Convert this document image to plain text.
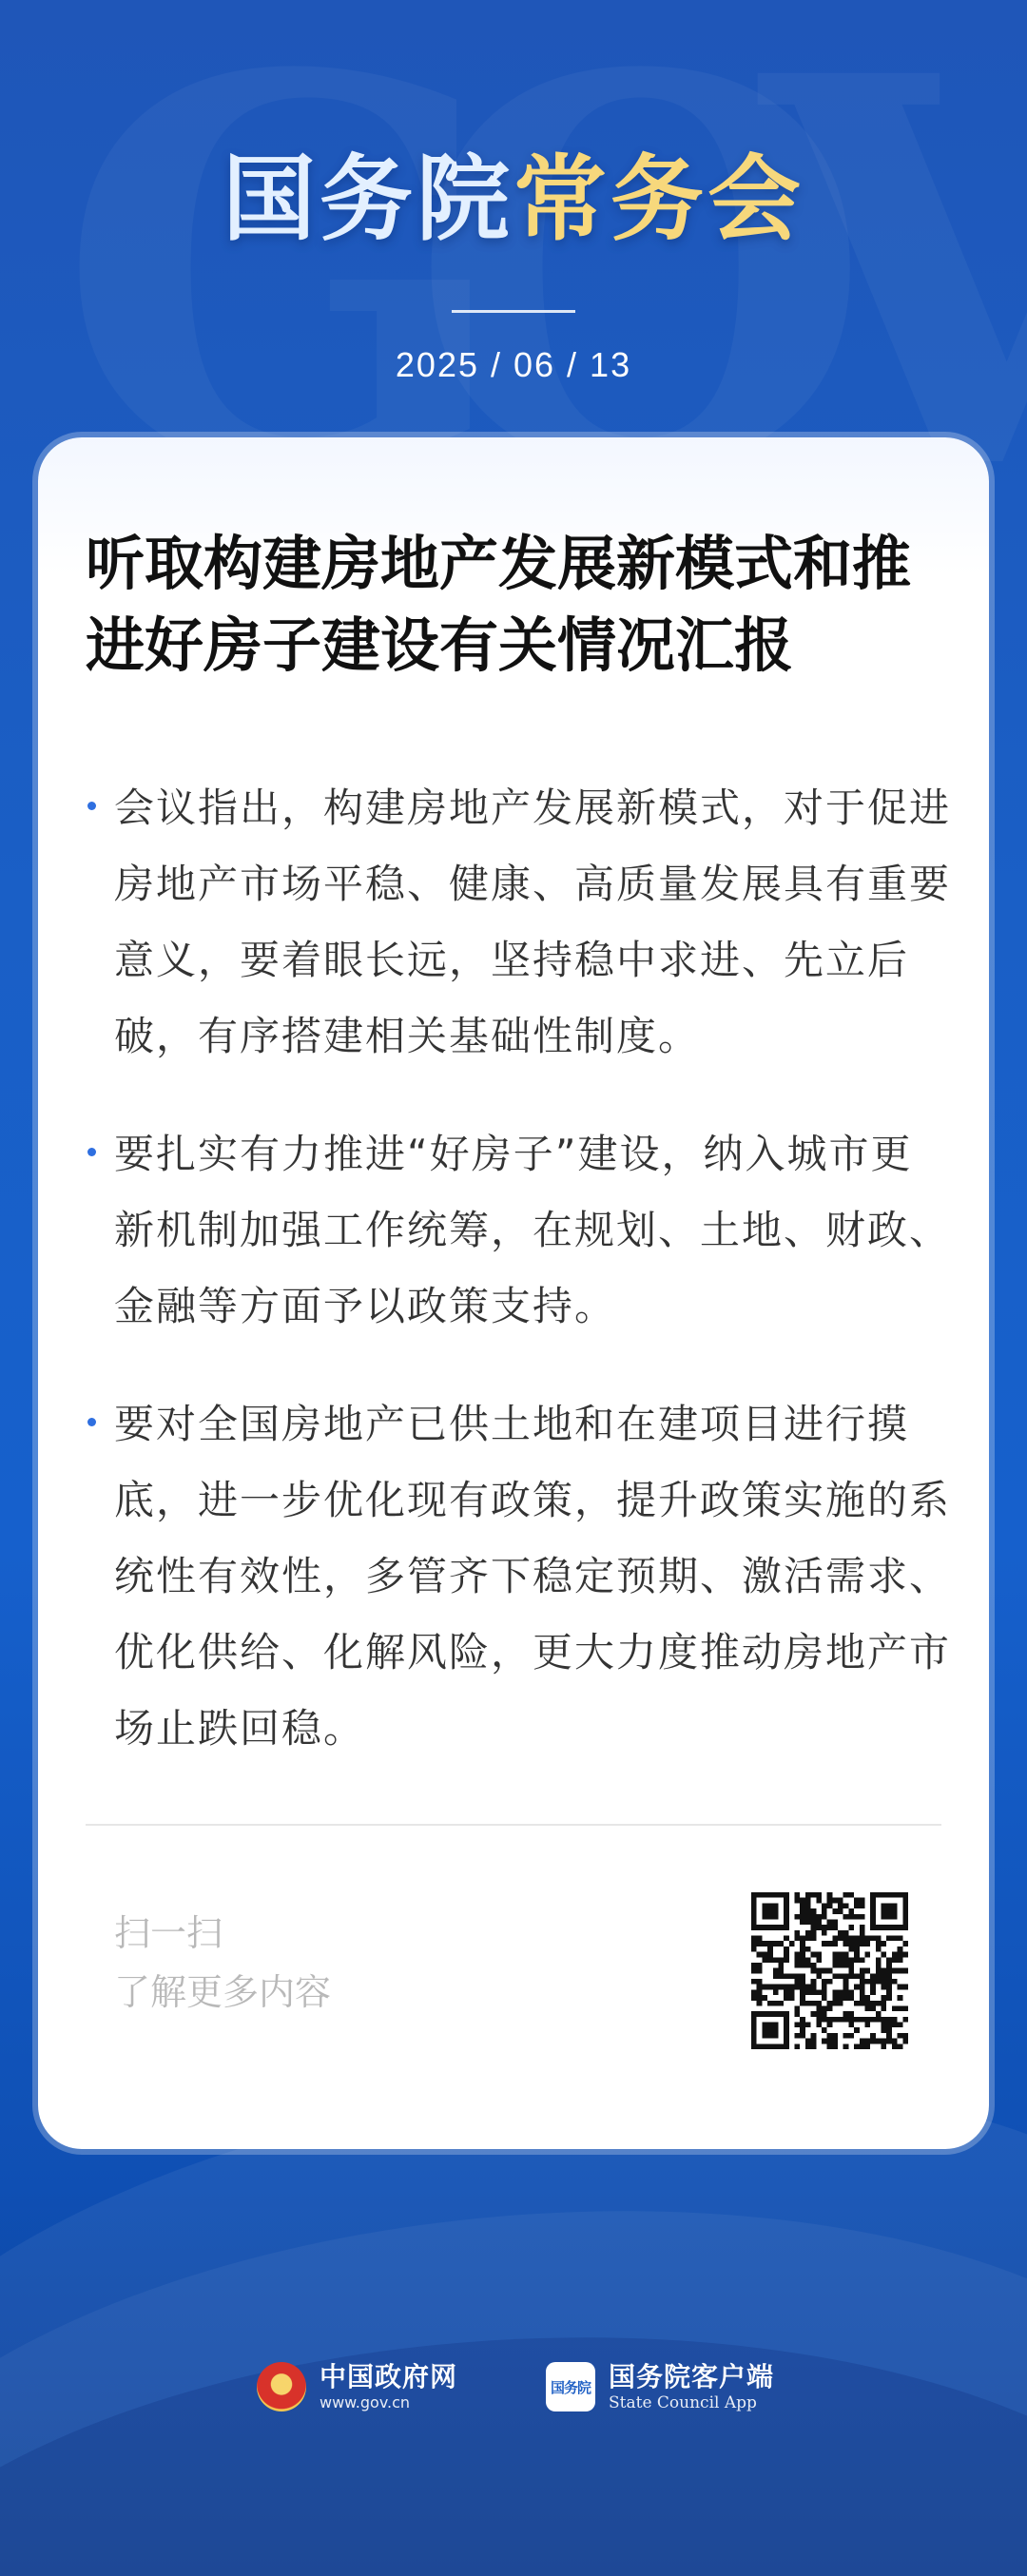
国务院常务会
2025 / 06 / 13
听取构建房地产发展新模式和推进好房子建设有关情况汇报
会议指出，构建房地产发展新模式，对于促进房地产市场平稳、健康、高质量发展具有重要意义，要着眼长远，坚持稳中求进、先立后破，有序搭建相关基础性制度。
要扎实有力推进“好房子”建设，纳入城市更新机制加强工作统筹，在规划、土地、财政、金融等方面予以政策支持。
要对全国房地产已供土地和在建项目进行摸底，进一步优化现有政策，提升政策实施的系统性有效性，多管齐下稳定预期、激活需求、优化供给、化解风险，更大力度推动房地产市场止跌回稳。
扫一扫
了解更多内容
中国政府网
www.gov.cn
国务院 国务院客户端
State Council App
